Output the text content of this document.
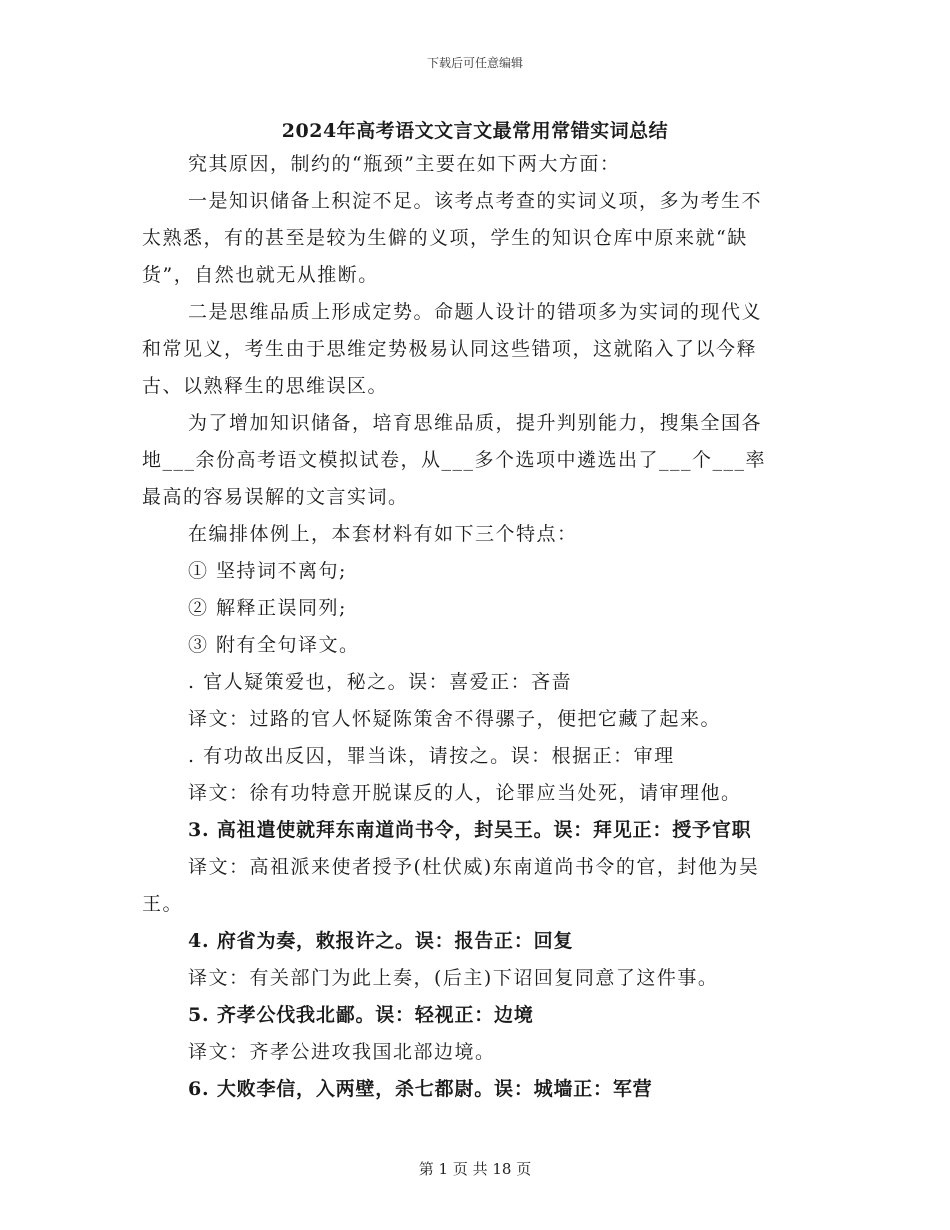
下载后可任意编辑
2024年高考语文文言文最常用常错实词总结
究其原因，制约的“瓶颈”主要在如下两大方面：
一是知识储备上积淀不足。该考点考查的实词义项，多为考生不
太熟悉，有的甚至是较为生僻的义项，学生的知识仓库中原来就“缺
货”，自然也就无从推断。
二是思维品质上形成定势。命题人设计的错项多为实词的现代义
和常见义，考生由于思维定势极易认同这些错项，这就陷入了以今释
古、以熟释生的思维误区。
为了增加知识储备，培育思维品质，提升判别能力，搜集全国各
地___余份高考语文模拟试卷，从___多个选项中遴选出了___个___率
最高的容易误解的文言实词。
在编排体例上，本套材料有如下三个特点：
① 坚持词不离句;
② 解释正误同列;
③ 附有全句译文。
. 官人疑策爱也，秘之。误：喜爱正：吝啬
译文：过路的官人怀疑陈策舍不得骡子，便把它藏了起来。
. 有功故出反囚，罪当诛，请按之。误：根据正：审理
译文：徐有功特意开脱谋反的人，论罪应当处死，请审理他。
3. 高祖遣使就拜东南道尚书令，封吴王。误：拜见正：授予官职
译文：高祖派来使者授予(杜伏威)东南道尚书令的官，封他为吴
王。
4. 府省为奏，敕报许之。误：报告正：回复
译文：有关部门为此上奏，(后主)下诏回复同意了这件事。
5. 齐孝公伐我北鄙。误：轻视正：边境
译文：齐孝公进攻我国北部边境。
6. 大败李信，入两壁，杀七都尉。误：城墙正：军营
第 1 页 共 18 页
